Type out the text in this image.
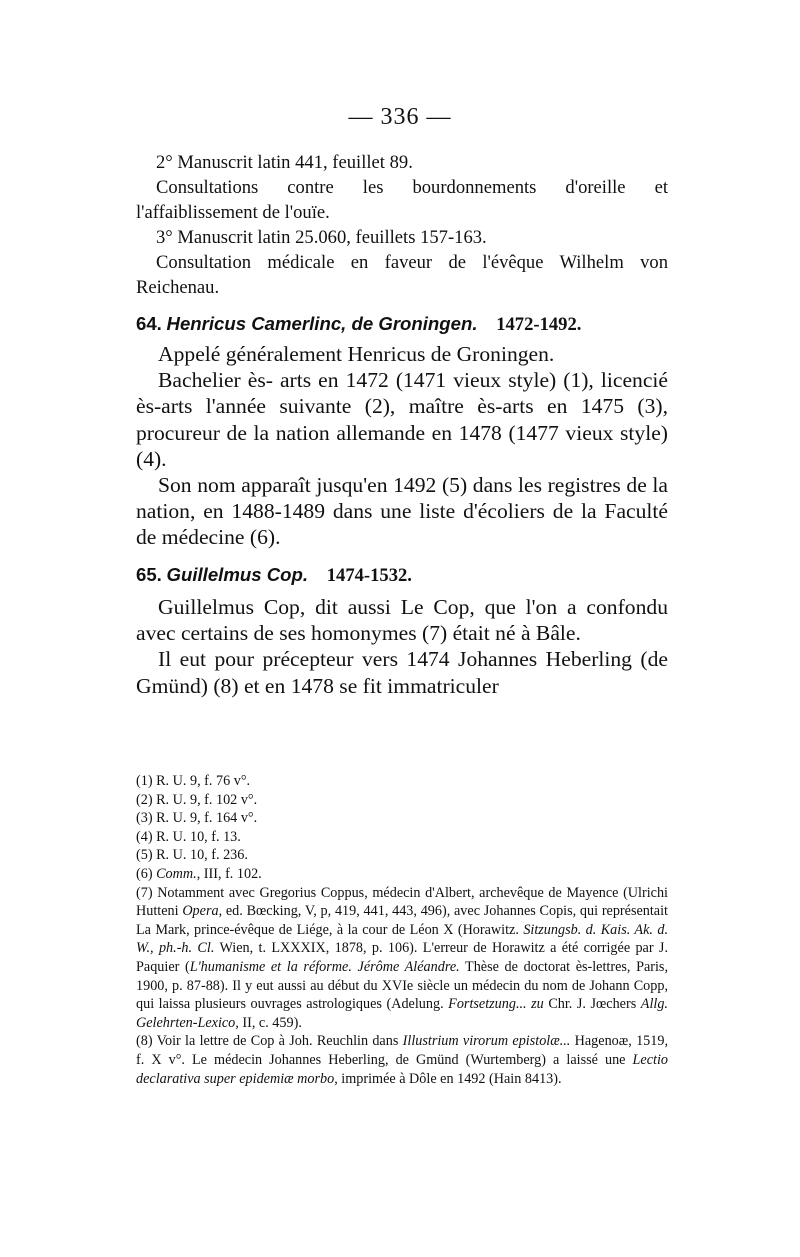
— 336 —

2° Manuscrit latin 441, feuillet 89.

Consultations contre les bourdonnements d'oreille et l'affaiblissement de l'ouïe.

3° Manuscrit latin 25.060, feuillets 157-163.

Consultation médicale en faveur de l'évêque Wilhelm von Reichenau.

64. Henricus Camerlinc, de Groningen. 1472-1492.

Appelé généralement Henricus de Groningen.

Bachelier ès- arts en 1472 (1471 vieux style) (1), licencié ès-arts l'année suivante (2), maître ès-arts en 1475 (3), procureur de la nation allemande en 1478 (1477 vieux style) (4).

Son nom apparaît jusqu'en 1492 (5) dans les registres de la nation, en 1488-1489 dans une liste d'écoliers de la Faculté de médecine (6).

65. Guillelmus Cop. 1474-1532.

Guillelmus Cop, dit aussi Le Cop, que l'on a confondu avec certains de ses homonymes (7) était né à Bâle.

Il eut pour précepteur vers 1474 Johannes Heberling (de Gmünd) (8) et en 1478 se fit immatriculer

(1) R. U. 9, f. 76 v°.

(2) R. U. 9, f. 102 v°.

(3) R. U. 9, f. 164 v°.

(4) R. U. 10, f. 13.

(5) R. U. 10, f. 236.

(6) Comm., III, f. 102.

(7) Notamment avec Gregorius Coppus, médecin d'Albert, archevêque de Mayence (Ulrichi Hutteni Opera, ed. Bœcking, V, p, 419, 441, 443, 496), avec Johannes Copis, qui représentait La Mark, prince-évêque de Liége, à la cour de Léon X (Horawitz. Sitzungsb. d. Kais. Ak. d. W., ph.-h. Cl. Wien, t. LXXXIX, 1878, p. 106). L'erreur de Horawitz a été corrigée par J. Paquier (L'humanisme et la réforme. Jérôme Aléandre. Thèse de doctorat ès-lettres, Paris, 1900, p. 87-88). Il y eut aussi au début du XVIe siècle un médecin du nom de Johann Copp, qui laissa plusieurs ouvrages astrologiques (Adelung. Fortsetzung... zu Chr. J. Jœchers Allg. Gelehrten-Lexico, II, c. 459).

(8) Voir la lettre de Cop à Joh. Reuchlin dans Illustrium virorum epistolæ... Hagenoæ, 1519, f. X v°. Le médecin Johannes Heberling, de Gmünd (Wurtemberg) a laissé une Lectio declarativa super epidemiæ morbo, imprimée à Dôle en 1492 (Hain 8413).
